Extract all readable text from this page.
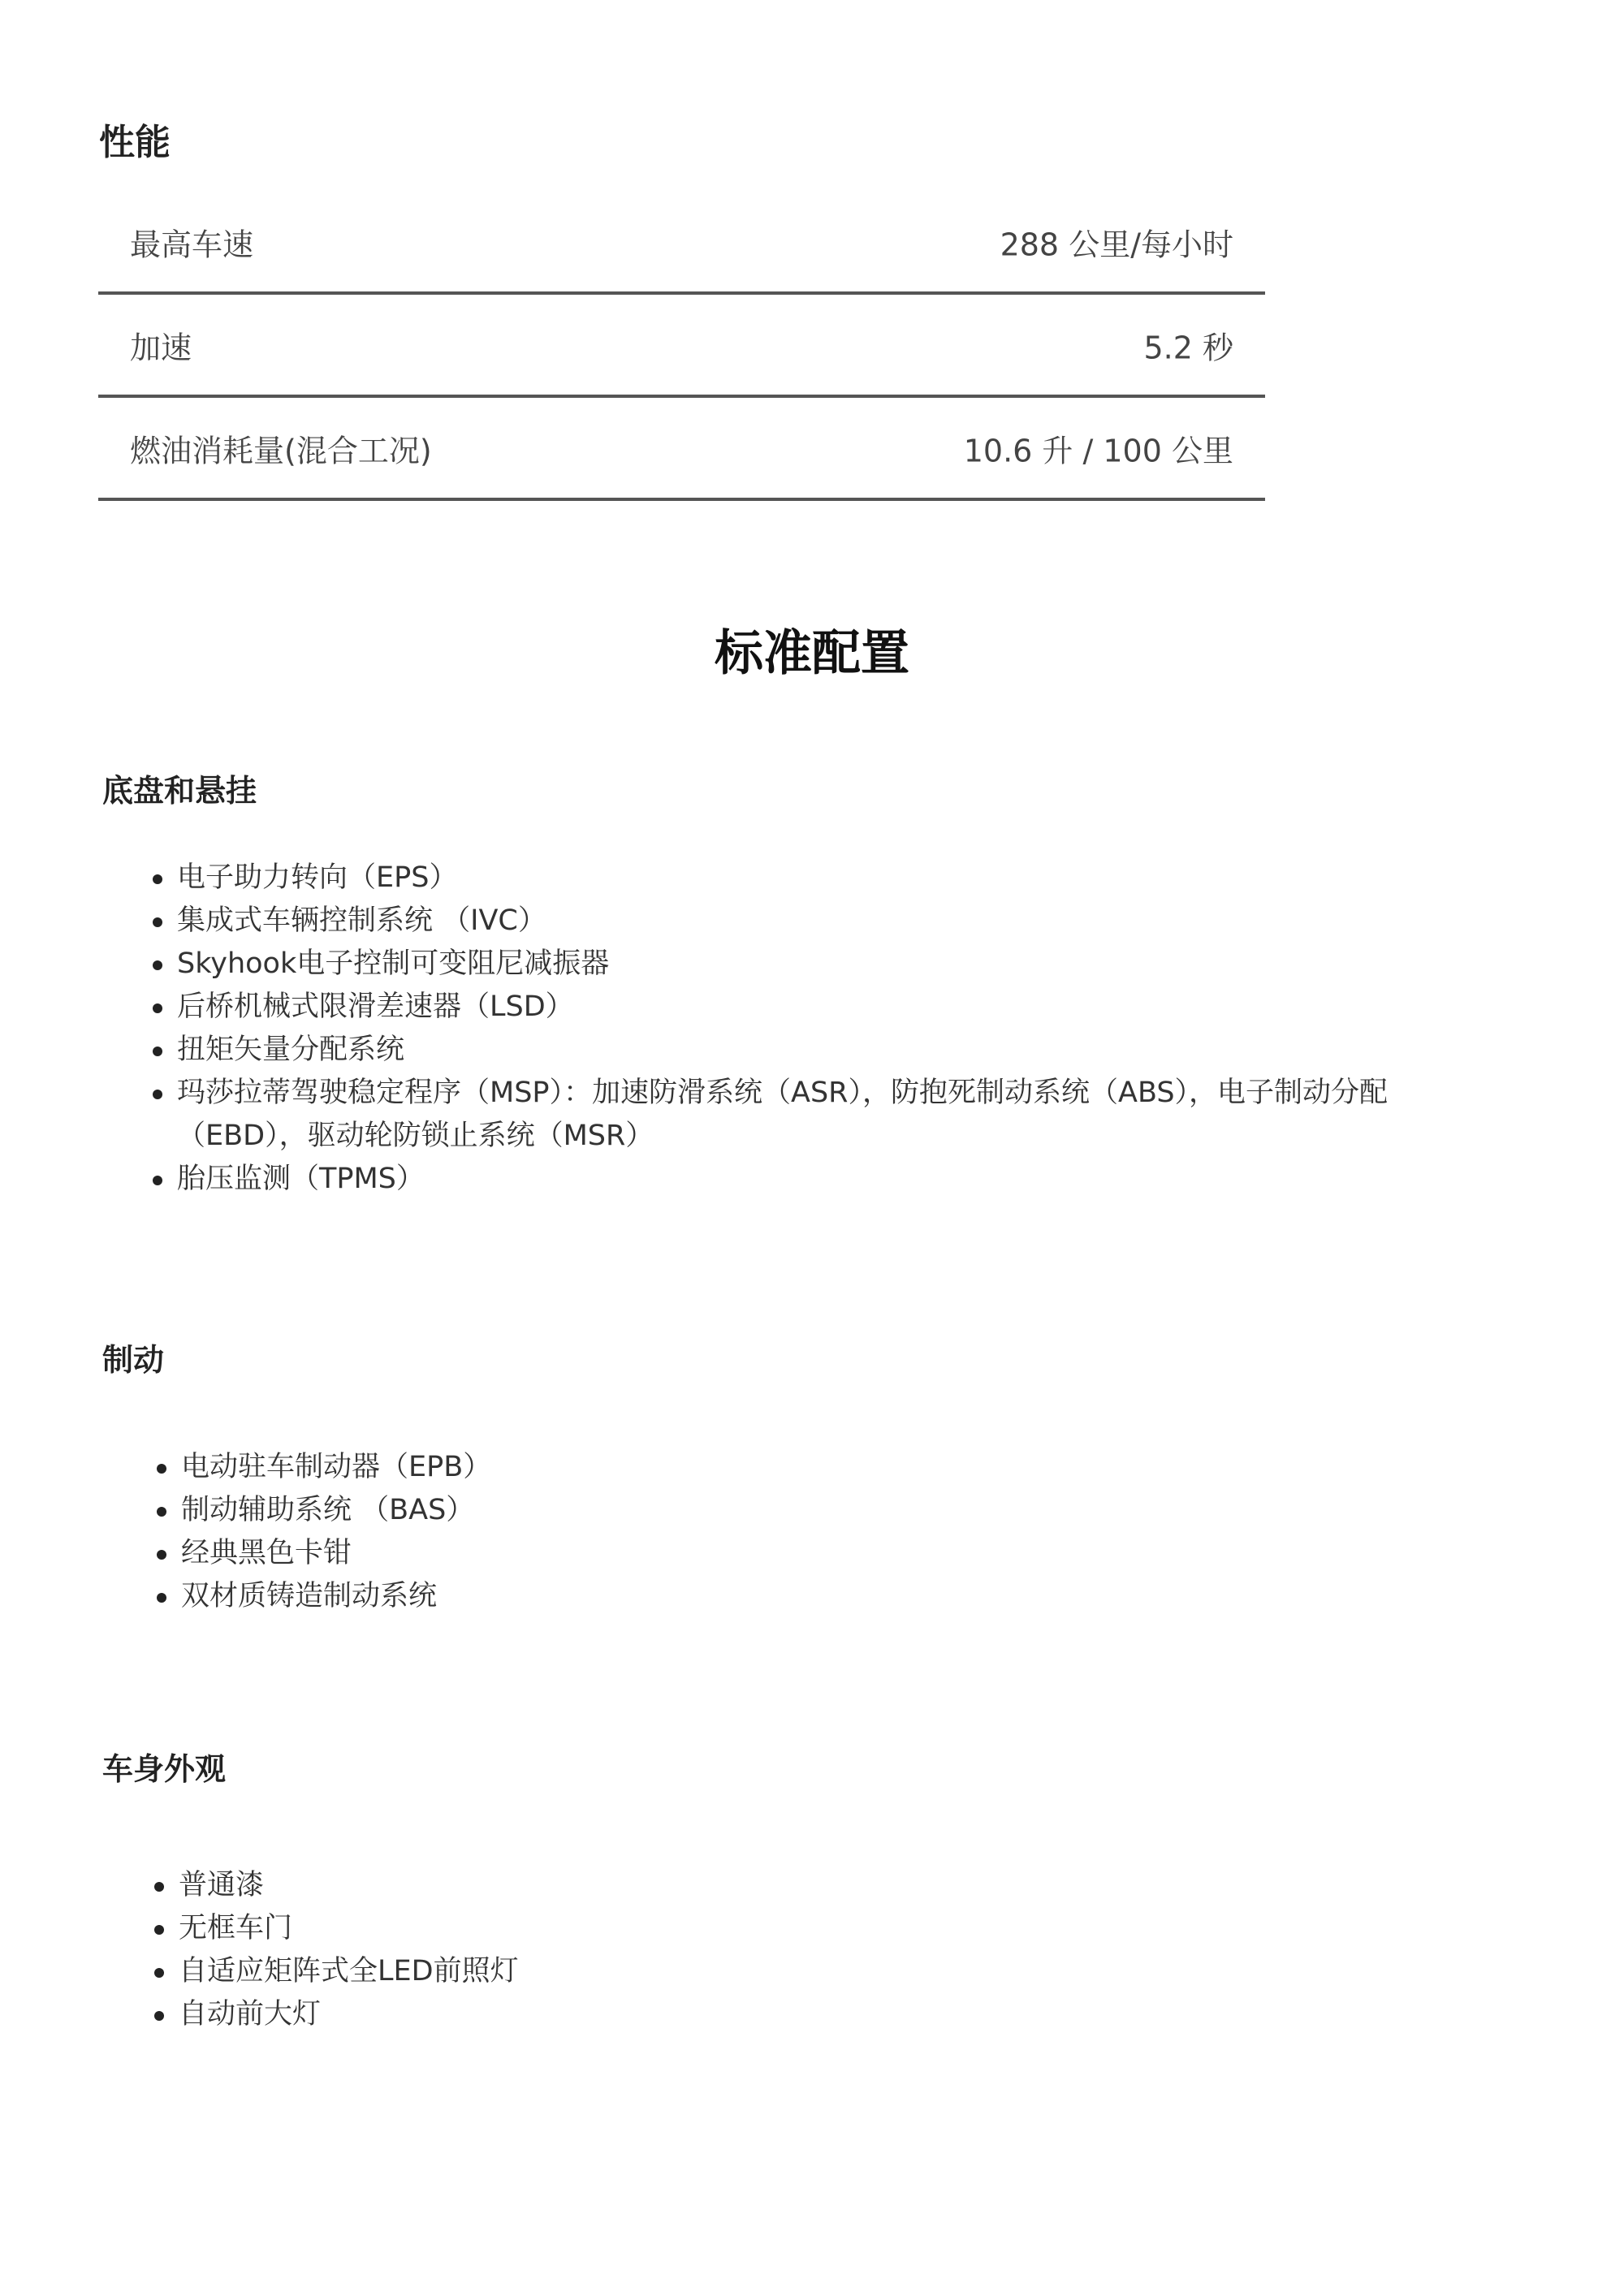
性能
最高车速	288 公里/每小时
加速	5.2 秒
燃油消耗量(混合工况)	10.6 升 / 100 公里
标准配置
底盘和悬挂
电子助力转向（EPS）
集成式车辆控制系统 （IVC）
Skyhook电子控制可变阻尼减振器
后桥机械式限滑差速器（LSD）
扭矩矢量分配系统
玛莎拉蒂驾驶稳定程序（MSP）：加速防滑系统（ASR），防抱死制动系统（ABS），电子制动分配（EBD），驱动轮防锁止系统（MSR）
胎压监测（TPMS）
制动
电动驻车制动器（EPB）
制动辅助系统 （BAS）
经典黑色卡钳
双材质铸造制动系统
车身外观
普通漆
无框车门
自适应矩阵式全LED前照灯
自动前大灯
